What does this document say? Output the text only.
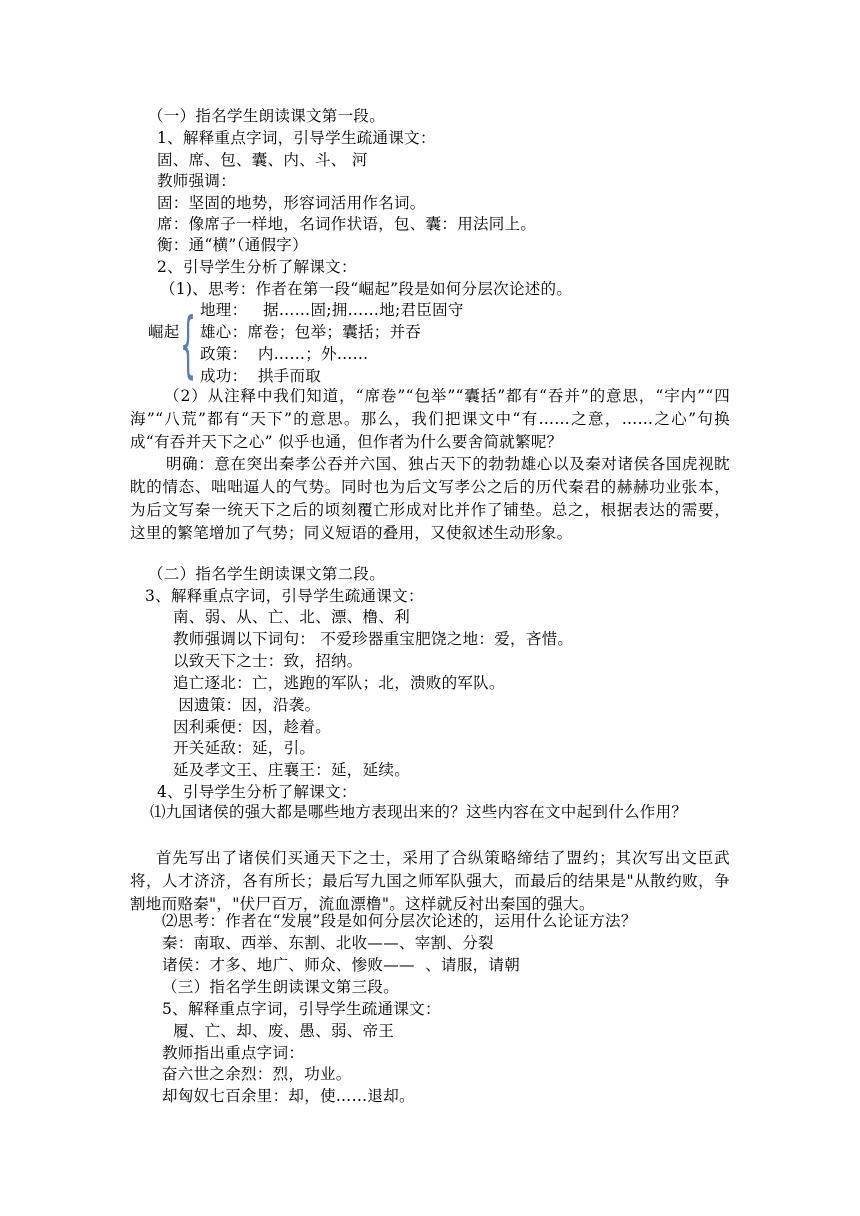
（一）指名学生朗读课文第一段。
1、解释重点字词，引导学生疏通课文：
固、席、包、囊、内、斗、 河
教师强调：
固：坚固的地势，形容词活用作名词。
席：像席子一样地，名词作状语，包、囊：用法同上。
衡：通“横”（通假字）
2、引导学生分析了解课文：
（1)、思考：作者在第一段“崛起”段是如何分层次论述的。
崛起 { 地理：   据……固;拥……地;君臣固守
雄心：席卷；包举；囊括；并吞
政策：  内……；外……
成功：  拱手而取
（2）从注释中我们知道，“席卷”“包举”“囊括”都有“吞并”的意思，“宇内”“四海”“八荒”都有“天下”的意思。那么，我们把课文中“有……之意，……之心”句换成“有吞并天下之心” 似乎也通，但作者为什么要舍简就繁呢？
明确：意在突出秦孝公吞并六国、独占天下的勃勃雄心以及秦对诸侯各国虎视眈眈的情态、咄咄逼人的气势。同时也为后文写孝公之后的历代秦君的赫赫功业张本，为后文写秦一统天下之后的顷刻覆亡形成对比并作了铺垫。总之，根据表达的需要，这里的繁笔增加了气势；同义短语的叠用，又使叙述生动形象。
（二）指名学生朗读课文第二段。
3、解释重点字词，引导学生疏通课文：
南、弱、从、亡、北、漂、橹、利
教师强调以下词句： 不爱珍器重宝肥饶之地：爱，吝惜。
以致天下之士：致，招纳。
追亡逐北：亡，逃跑的军队；北，溃败的军队。
因遗策：因，沿袭。
因利乘便：因，趁着。
开关延敌：延，引。
延及孝文王、庄襄王：延，延续。
4、引导学生分析了解课文：
⑴九国诸侯的强大都是哪些地方表现出来的？这些内容在文中起到什么作用？
首先写出了诸侯们买通天下之士，采用了合纵策略缔结了盟约；其次写出文臣武将，人才济济，各有所长；最后写九国之师军队强大，而最后的结果是"从散约败，争割地而赂秦"，"伏尸百万，流血漂橹"。这样就反衬出秦国的强大。
⑵思考：作者在“发展”段是如何分层次论述的，运用什么论证方法？
秦：南取、西举、东割、北收——、宰割、分裂
诸侯：才多、地广、师众、惨败——  、请服，请朝
（三）指名学生朗读课文第三段。
5、解释重点字词，引导学生疏通课文：
履、亡、却、废、愚、弱、帝王
教师指出重点字词：
奋六世之余烈：烈，功业。
却匈奴七百余里：却，使……退却。
